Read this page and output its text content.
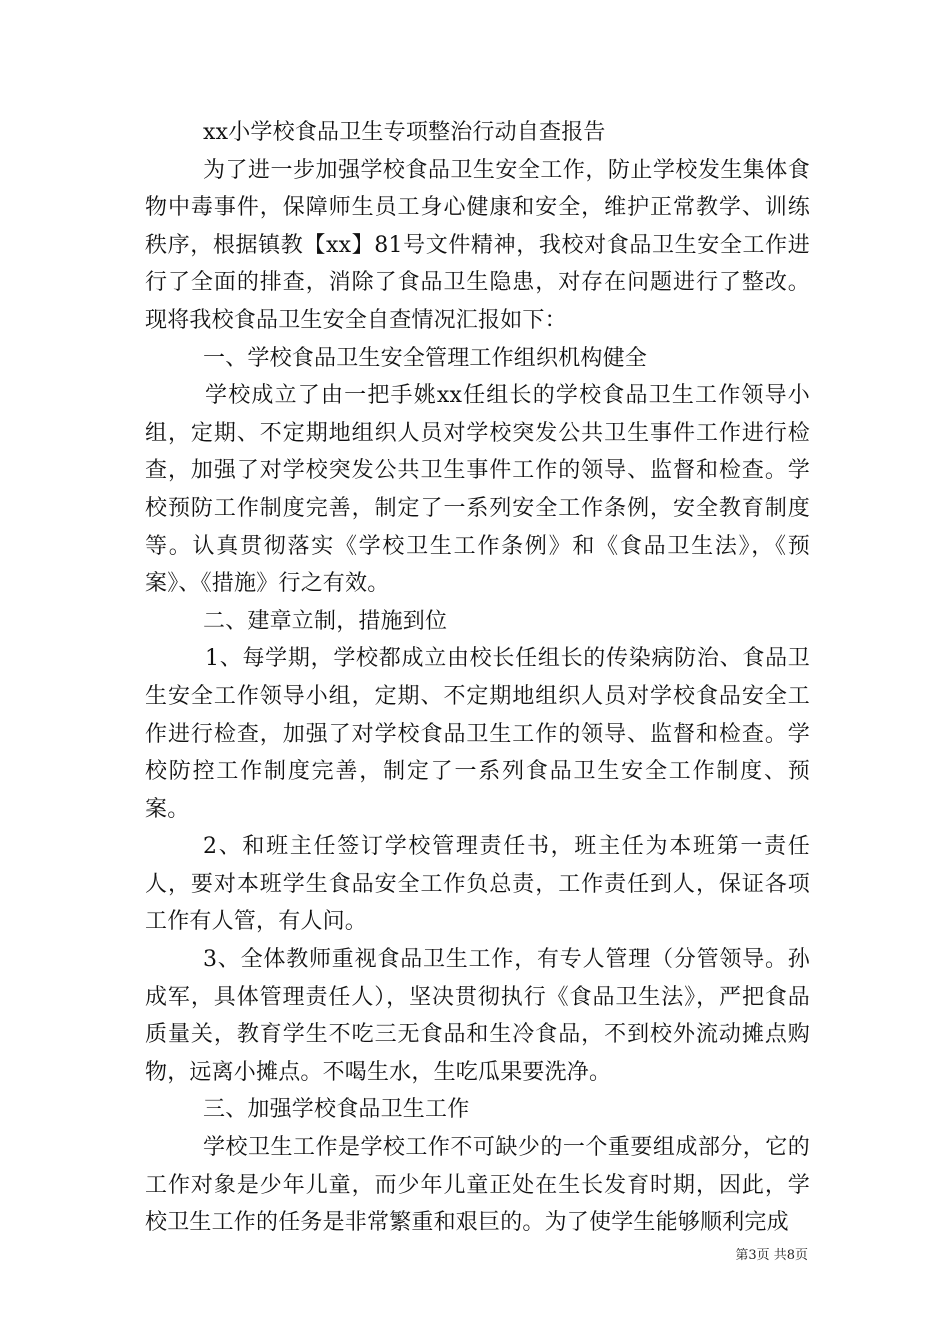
xx小学校食品卫生专项整治行动自查报告

为了进一步加强学校食品卫生安全工作，防止学校发生集体食物中毒事件，保障师生员工身心健康和安全，维护正常教学、训练秩序，根据镇教【xx】81号文件精神，我校对食品卫生安全工作进行了全面的排查，消除了食品卫生隐患，对存在问题进行了整改。现将我校食品卫生安全自查情况汇报如下：

一、学校食品卫生安全管理工作组织机构健全

学校成立了由一把手姚xx任组长的学校食品卫生工作领导小组，定期、不定期地组织人员对学校突发公共卫生事件工作进行检查，加强了对学校突发公共卫生事件工作的领导、监督和检查。学校预防工作制度完善，制定了一系列安全工作条例，安全教育制度等。认真贯彻落实《学校卫生工作条例》和《食品卫生法》，《预案》、《措施》行之有效。

二、建章立制，措施到位

1、每学期，学校都成立由校长任组长的传染病防治、食品卫生安全工作领导小组，定期、不定期地组织人员对学校食品安全工作进行检查，加强了对学校食品卫生工作的领导、监督和检查。学校防控工作制度完善，制定了一系列食品卫生安全工作制度、预案。

2、和班主任签订学校管理责任书，班主任为本班第一责任人，要对本班学生食品安全工作负总责，工作责任到人，保证各项工作有人管，有人问。

3、全体教师重视食品卫生工作，有专人管理（分管领导。孙成军，具体管理责任人），坚决贯彻执行《食品卫生法》，严把食品质量关，教育学生不吃三无食品和生冷食品，不到校外流动摊点购物，远离小摊点。不喝生水，生吃瓜果要洗净。

三、加强学校食品卫生工作

学校卫生工作是学校工作不可缺少的一个重要组成部分，它的工作对象是少年儿童，而少年儿童正处在生长发育时期，因此，学校卫生工作的任务是非常繁重和艰巨的。为了使学生能够顺利完成

第3页 共8页
